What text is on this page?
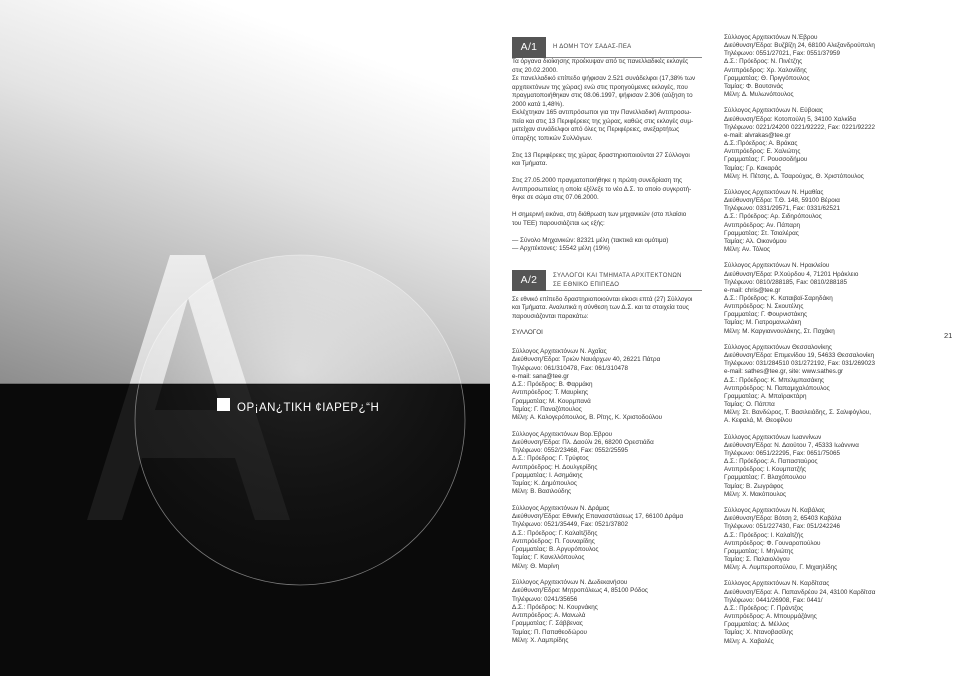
ΟΡ¡ΑΝ¿ΤΙΚΗ ¢ΙΑΡΕΡ¿“Η
A/1	Η ΔΟΜΗ ΤΟΥ ΣΑΔΑΣ-ΠΕΑ
Τα όργανα διοίκησης προέκυψαν από τις πανελλαδικές εκλογές
στις 20.02.2000.
Σε πανελλαδικό επίπεδο ψήφισαν 2.521 συνάδελφοι (17,38% των
αρχιτεκτόνων της χώρας) ενώ στις προηγούμενες εκλογές, που
πραγματοποιήθηκαν στις 08.06.1997, ψήφισαν 2.306 (αύξηση το
2000 κατά 1,48%).
Εκλέχτηκαν 165 αντιπρόσωποι για την Πανελλαδική Αντιπροσω-
πεία και στις 13 Περιφέρειες της χώρας, καθώς στις εκλογές συμ-
μετείχαν συνάδελφοι από όλες τις Περιφέρειες, ανεξαρτήτως
ύπαρξης τοπικών Συλλόγων.
Στις 13 Περιφέρειες της χώρας δραστηριοποιούνται 27 Σύλλογοι
και Τμήματα.
Στις 27.05.2000 πραγματοποιήθηκε η πρώτη συνεδρίαση της
Αντιπροσωπείας η οποία εξέλεξε το νέο Δ.Σ. το οποίο συγκροτή-
θηκε σε σώμα στις 07.06.2000.
Η σημερινή εικόνα, στη διάθρωση των μηχανικών (στο πλαίσιο
του ΤΕΕ) παρουσιάζεται ως εξής:
— Σύνολο Μηχανικών: 82321 μέλη (τακτικά και ομότιμα)
— Αρχιτέκτονες: 15542 μέλη (19%)
A/2	ΣΥΛΛΟΓΟΙ ΚΑΙ ΤΜΗΜΑΤΑ ΑΡΧΙΤΕΚΤΟΝΩΝ
ΣΕ ΕΘΝΙΚΟ ΕΠΙΠΕΔΟ
Σε εθνικό επίπεδο δραστηριοποιούνται είκοσι επτά (27) Σύλλογοι
και Τμήματα. Αναλυτικά η σύνθεση των Δ.Σ. και τα στοιχεία τους
παρουσιάζονται παρακάτω:
ΣΥΛΛΟΓΟΙ
Σύλλογος Αρχιτεκτόνων Ν. Αχαΐας
Διεύθυνση/Έδρα: Τριών Ναυάρχων 40, 26221 Πάτρα
Τηλέφωνο: 061/310478, Fax: 061/310478
e-mail: sana@tee.gr
Δ.Σ.: Πρόεδρος: Β. Φαρμάκη
Αντιπρόεδρος: Τ. Μαυρίκης
Γραμματέας: Μ. Κουρμπανά
Ταμίας: Γ. Παναζόπουλος
Μέλη: Α. Καλογερόπουλος, Β. Ρίτης, Κ. Χριστοδούλου
Σύλλογος Αρχιτεκτόνων Βορ.Έβρου
Διεύθυνση/Έδρα: Πλ. Δαούλι 26, 68200 Ορεστιάδα
Τηλέφωνο: 0552/23468, Fax: 0552/25595
Δ.Σ.: Πρόεδρος: Γ. Τρύφτος
Αντιπρόεδρος: Η. Δουλγερίδης
Γραμματέας: Ι. Ασημάκης
Ταμίας: Κ. Δημόπουλος
Μέλη: Β. Βασιλούδης
Σύλλογος Αρχιτεκτόνων Ν. Δράμας
Διεύθυνση/Έδρα: Εθνικής Επανασστάσεως 17, 66100 Δράμα
Τηλέφωνο: 0521/35449, Fax: 0521/37802
Δ.Σ.: Πρόεδρος: Γ. Καλαϊτζίδης
Αντιπρόεδρος: Π. Γουναρίδης
Γραμματέας: Β. Αργυρόπουλος
Ταμίας: Γ. Κανελλόπουλος
Μέλη: Θ. Μαρίνη
Σύλλογος Αρχιτεκτόνων Ν. Δωδεκανήσου
Διεύθυνση/Έδρα: Μητροπόλεως 4, 85100 Ρόδος
Τηλέφωνο: 0241/35656
Δ.Σ.: Πρόεδρος: Ν. Κουρνάκης
Αντιπρόεδρος: Α. Μανωλά
Γραμματέας: Γ. Σάββενας
Ταμίας: Π. Παπαθεοδώρου
Μέλη: Χ. Λαμπρίδης
Σύλλογος Αρχιτεκτόνων Ν.Έβρου
Διεύθυνση/Έδρα: Βυζβίζη 24, 68100 Αλεξανδρούπολη
Τηλέφωνο: 0551/27021, Fax: 0551/37959
Δ.Σ.: Πρόεδρος: Ν. Πινέτζης
Αντιπρόεδρος: Χρ. Χαλονίδης
Γραμματέας: Θ. Πριγγόπουλος
Ταμίας: Φ. Βουτσινάς
Μέλη: Δ. Μυλωνόπουλος
Σύλλογος Αρχιτεκτόνων Ν. Εύβοιας
Διεύθυνση/Έδρα: Κοτοπούλη 5, 34100 Χαλκίδα
Τηλέφωνο: 0221/24200 0221/92222, Fax: 0221/92222
e-mail: alvrakas@tee.gr
Δ.Σ.:Πρόεδρος: Α. Βράκας
Αντιπρόεδρος: Ε. Χαλιώτης
Γραμματέας: Γ. Ρουσσοδήμου
Ταμίας: Γρ. Κακαράς
Μέλη: Η. Πέτσης, Δ. Τσαρούχας, Θ. Χριστόπουλος
Σύλλογος Αρχιτεκτόνων Ν. Ημαθίας
Διεύθυνση/Έδρα: Τ.Θ. 148, 59100 Βέροια
Τηλέφωνο: 0331/29571, Fax: 0331/62521
Δ.Σ.: Πρόεδρος: Αρ. Σιδηρόπουλος
Αντιπρόεδρος: Αν. Πάπαρη
Γραμματέας: Στ. Τσιαλέρας
Ταμίας: Αλ. Οικονόμου
Μέλη: Αν. Τόλιος
Σύλλογος Αρχιτεκτόνων Ν. Ηρακλείου
Διεύθυνση/Έδρα: Ρ.Χούρδου 4, 71201 Ηράκλειο
Τηλέφωνο: 0810/288185, Fax: 0810/288185
e-mail: chris@tee.gr
Δ.Σ.: Πρόεδρος: Κ. Καταιβαϊ-Σαρηδάκη
Αντιπρόεδρος: Ν. Σκουτέλης
Γραμματέας: Γ. Φουρνιστάκης
Ταμίας: Μ. Γιατρομανωλάκη
Μέλη: Μ. Καργιαννουλάκης, Στ. Παχάκη
Σύλλογος Αρχιτεκτόνων Θεσσαλονίκης
Διεύθυνση/Έδρα: Επιμενίδου 19, 54633 Θεσσαλονίκη
Τηλέφωνο: 031/284510 031/272192, Fax: 031/269023
e-mail: sathes@tee.gr, site: www.sathes.gr
Δ.Σ.: Πρόεδρος: Κ. Μπελιμπασάκης
Αντιπρόεδρος: Ν. Παπαμιχαλόπουλος
Γραμματέας: Α. Μπαϊρακτάρη
Ταμίας: Ο. Πάππα
Μέλη: Στ. Βανδώρος, Τ. Βασιλειάδης, Σ. Σαλιφόγλου,
Α. Κεφαλά, Μ. Θεοφίλου
Σύλλογος Αρχιτεκτόνων Ιωαννίνων
Διεύθυνση/Έδρα: Ν. Δαούτου 7, 45333 Ιωάννινα
Τηλέφωνο: 0651/22295, Fax: 0651/75065
Δ.Σ.: Πρόεδρος: Α. Παπασταύρος
Αντιπρόεδρος: Ι. Κουμπατζής
Γραμματέας: Γ. Βλαχόπουλου
Ταμίας: Β. Ζωγράφος
Μέλη: Χ. Μακόπουλος
Σύλλογος Αρχιτεκτόνων Ν. Καβάλας
Διεύθυνση/Έδρα: Βότση 2, 65403 Καβάλα
Τηλέφωνο: 051/227430, Fax: 051/242246
Δ.Σ.: Πρόεδρος: Ι. Καλαϊτζής
Αντιπρόεδρος: Φ. Γουναροπούλου
Γραμματέας: Ι. Μηλιώτης
Ταμίας: Σ. Παλαιολόγου
Μέλη: Α. Λυμπεροπούλου, Γ. Μιχαηλίδης
Σύλλογος Αρχιτεκτόνων Ν. Καρδίτσας
Διεύθυνση/Έδρα: Α. Παπανδρέου 24, 43100 Καρδίτσα
Τηλέφωνο: 0441/26908, Fax: 0441/
Δ.Σ.: Πρόεδρος: Γ. Πράντζος
Αντιπρόεδρος: Α. Μπουρμάζάνης
Γραμματέας: Δ. Μέλλος
Ταμίας: Χ. Ντανοβασίλης
Μέλη: Α. Χαβαλές
21
